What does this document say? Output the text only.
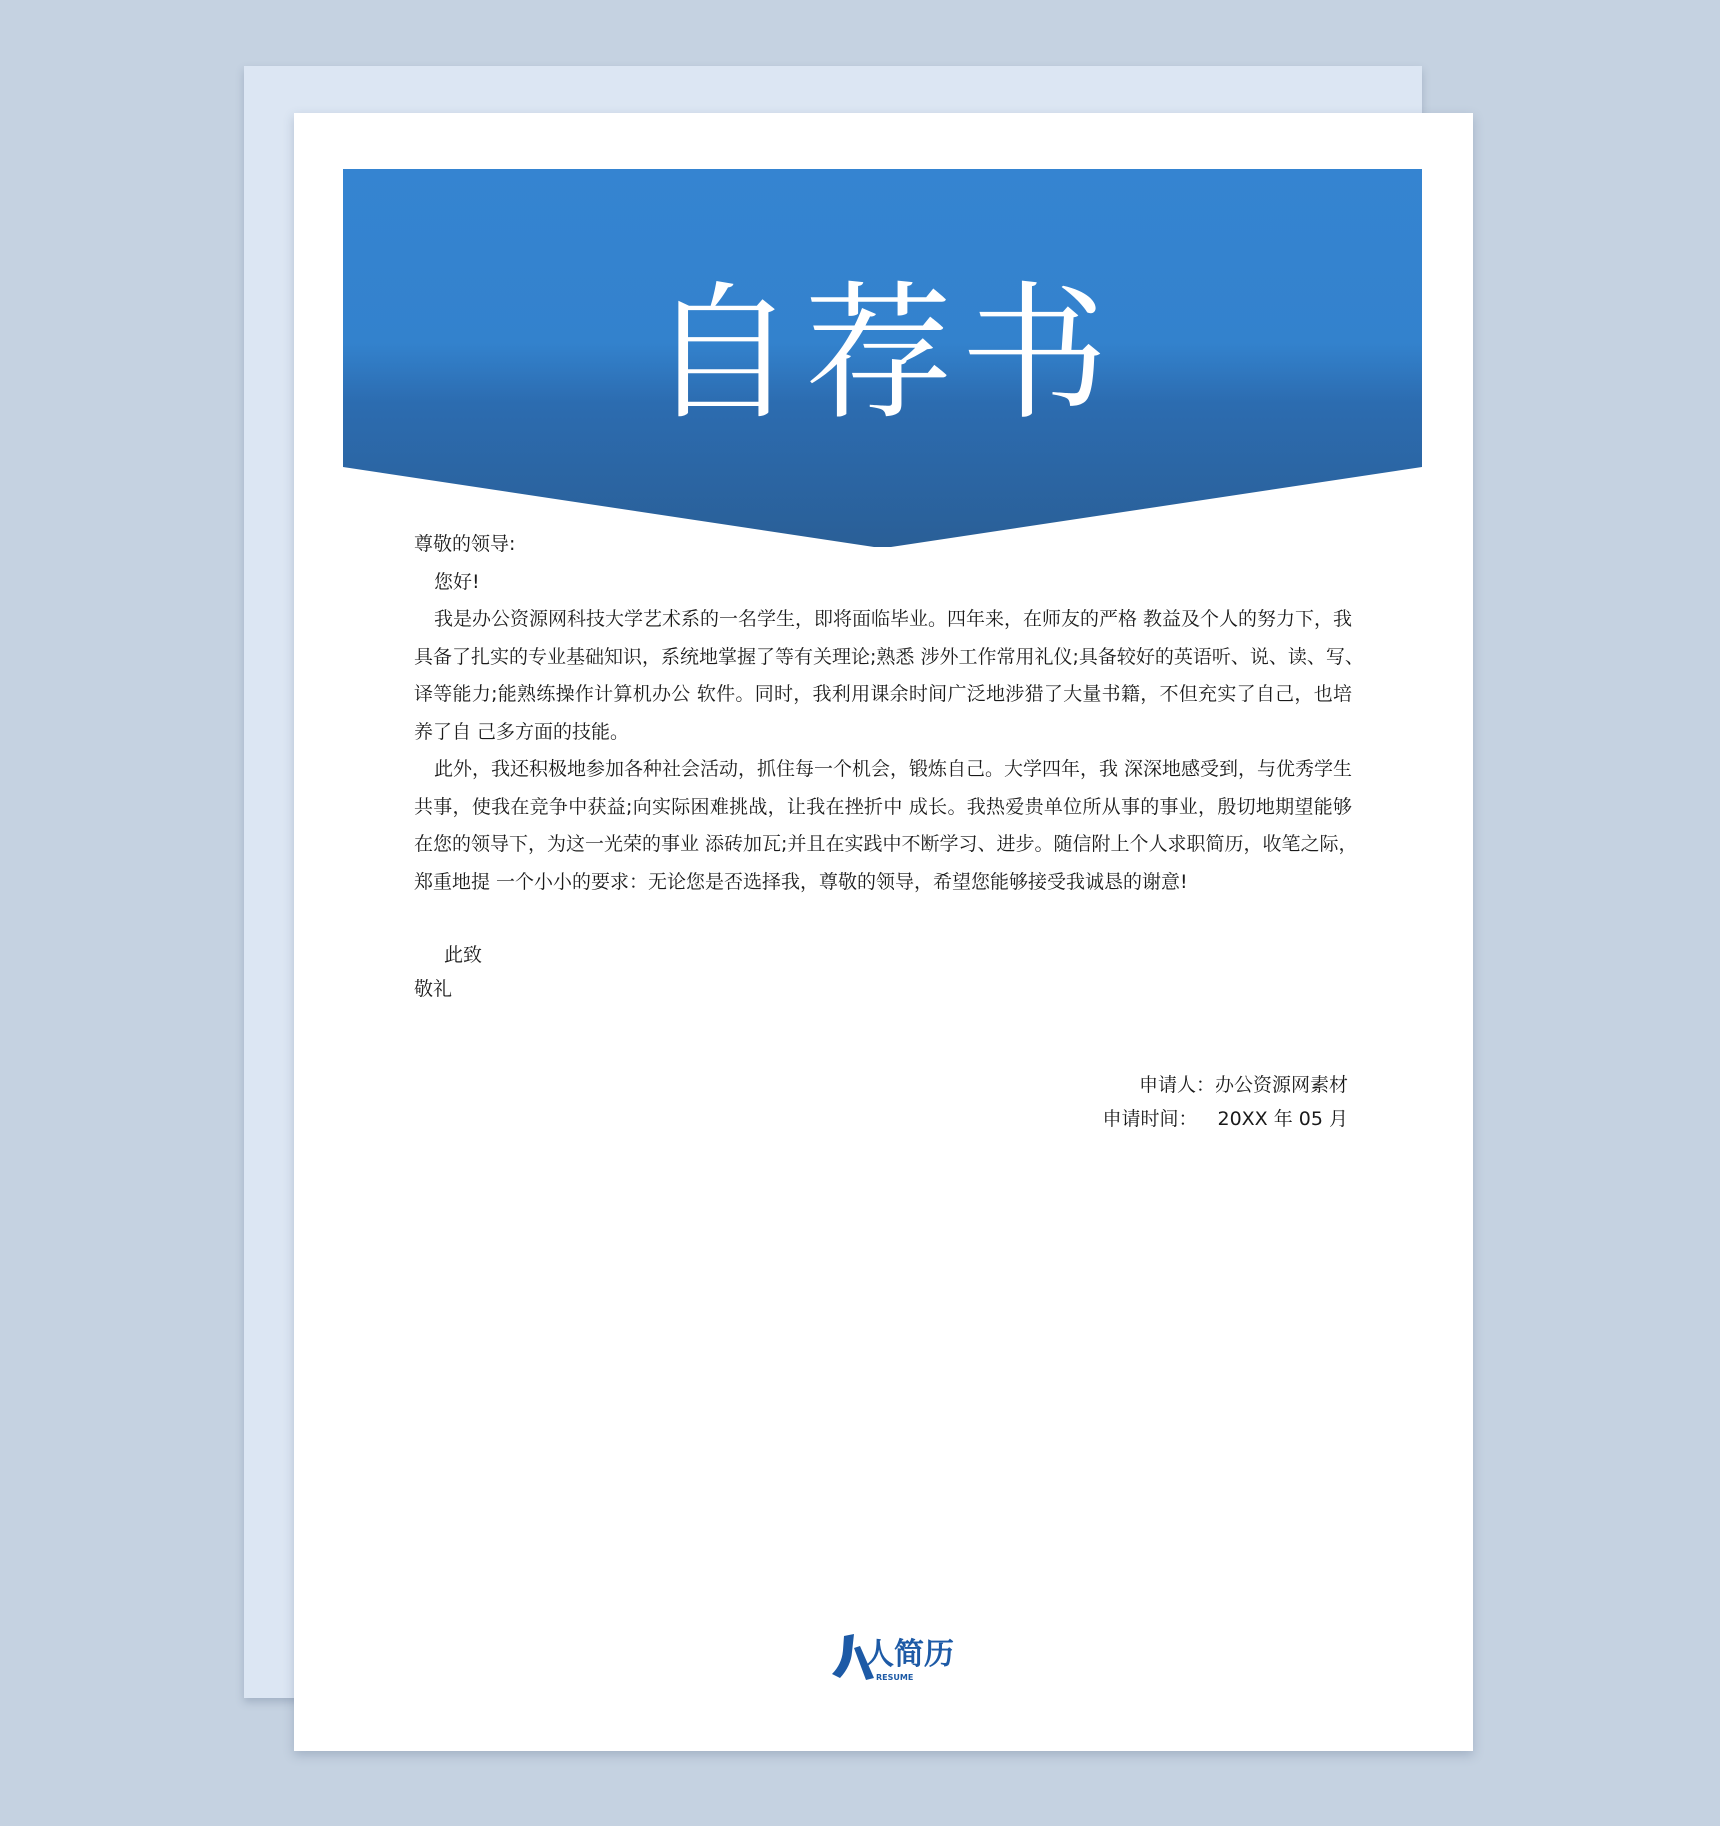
自荐书
尊敬的领导:
您好!
我是办公资源网科技大学艺术系的一名学生，即将面临毕业。四年来，在师友的严格 教益及个人的努力下，我
具备了扎实的专业基础知识，系统地掌握了等有关理论;熟悉 涉外工作常用礼仪;具备较好的英语听、说、读、写、
译等能力;能熟练操作计算机办公 软件。同时，我利用课余时间广泛地涉猎了大量书籍，不但充实了自己，也培
养了自 己多方面的技能。
此外，我还积极地参加各种社会活动，抓住每一个机会，锻炼自己。大学四年，我 深深地感受到，与优秀学生
共事，使我在竞争中获益;向实际困难挑战，让我在挫折中 成长。我热爱贵单位所从事的事业，殷切地期望能够
在您的领导下，为这一光荣的事业 添砖加瓦;并且在实践中不断学习、进步。随信附上个人求职简历，收笔之际，
郑重地提 一个小小的要求：无论您是否选择我，尊敬的领导，希望您能够接受我诚恳的谢意!
此致
敬礼
申请人：办公资源网素材
申请时间： 20XX 年 05 月
人简历
RESUME
